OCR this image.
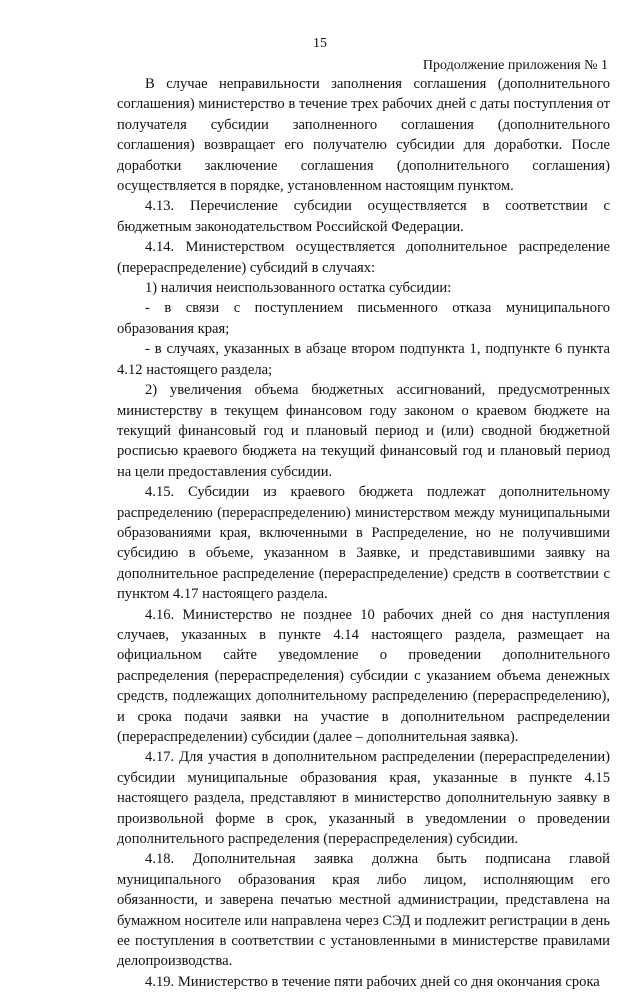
15
Продолжение приложения № 1

В случае неправильности заполнения соглашения (дополнительного соглашения) министерство в течение трех рабочих дней с даты поступления от получателя субсидии заполненного соглашения (дополнительного соглашения) возвращает его получателю субсидии для доработки. После доработки заключение соглашения (дополнительного соглашения) осуществляется в порядке, установленном настоящим пунктом.

4.13. Перечисление субсидии осуществляется в соответствии с бюджетным законодательством Российской Федерации.

4.14. Министерством осуществляется дополнительное распределение (перераспределение) субсидий в случаях:

1) наличия неиспользованного остатка субсидии:

- в связи с поступлением письменного отказа муниципального образования края;

- в случаях, указанных в абзаце втором подпункта 1, подпункте 6 пункта 4.12 настоящего раздела;

2) увеличения объема бюджетных ассигнований, предусмотренных министерству в текущем финансовом году законом о краевом бюджете на текущий финансовый год и плановый период и (или) сводной бюджетной росписью краевого бюджета на текущий финансовый год и плановый период на цели предоставления субсидии.

4.15. Субсидии из краевого бюджета подлежат дополнительному распределению (перераспределению) министерством между муниципальными образованиями края, включенными в Распределение, но не получившими субсидию в объеме, указанном в Заявке, и представившими заявку на дополнительное распределение (перераспределение) средств в соответствии с пунктом 4.17 настоящего раздела.

4.16. Министерство не позднее 10 рабочих дней со дня наступления случаев, указанных в пункте 4.14 настоящего раздела, размещает на официальном сайте уведомление о проведении дополнительного распределения (перераспределения) субсидии с указанием объема денежных средств, подлежащих дополнительному распределению (перераспределению), и срока подачи заявки на участие в дополнительном распределении (перераспределении) субсидии (далее – дополнительная заявка).

4.17. Для участия в дополнительном распределении (перераспределении) субсидии муниципальные образования края, указанные в пункте 4.15 настоящего раздела, представляют в министерство дополнительную заявку в произвольной форме в срок, указанный в уведомлении о проведении дополнительного распределения (перераспределения) субсидии.

4.18. Дополнительная заявка должна быть подписана главой муниципального образования края либо лицом, исполняющим его обязанности, и заверена печатью местной администрации, представлена на бумажном носителе или направлена через СЭД и подлежит регистрации в день ее поступления в соответствии с установленными в министерстве правилами делопроизводства.

4.19. Министерство в течение пяти рабочих дней со дня окончания срока
